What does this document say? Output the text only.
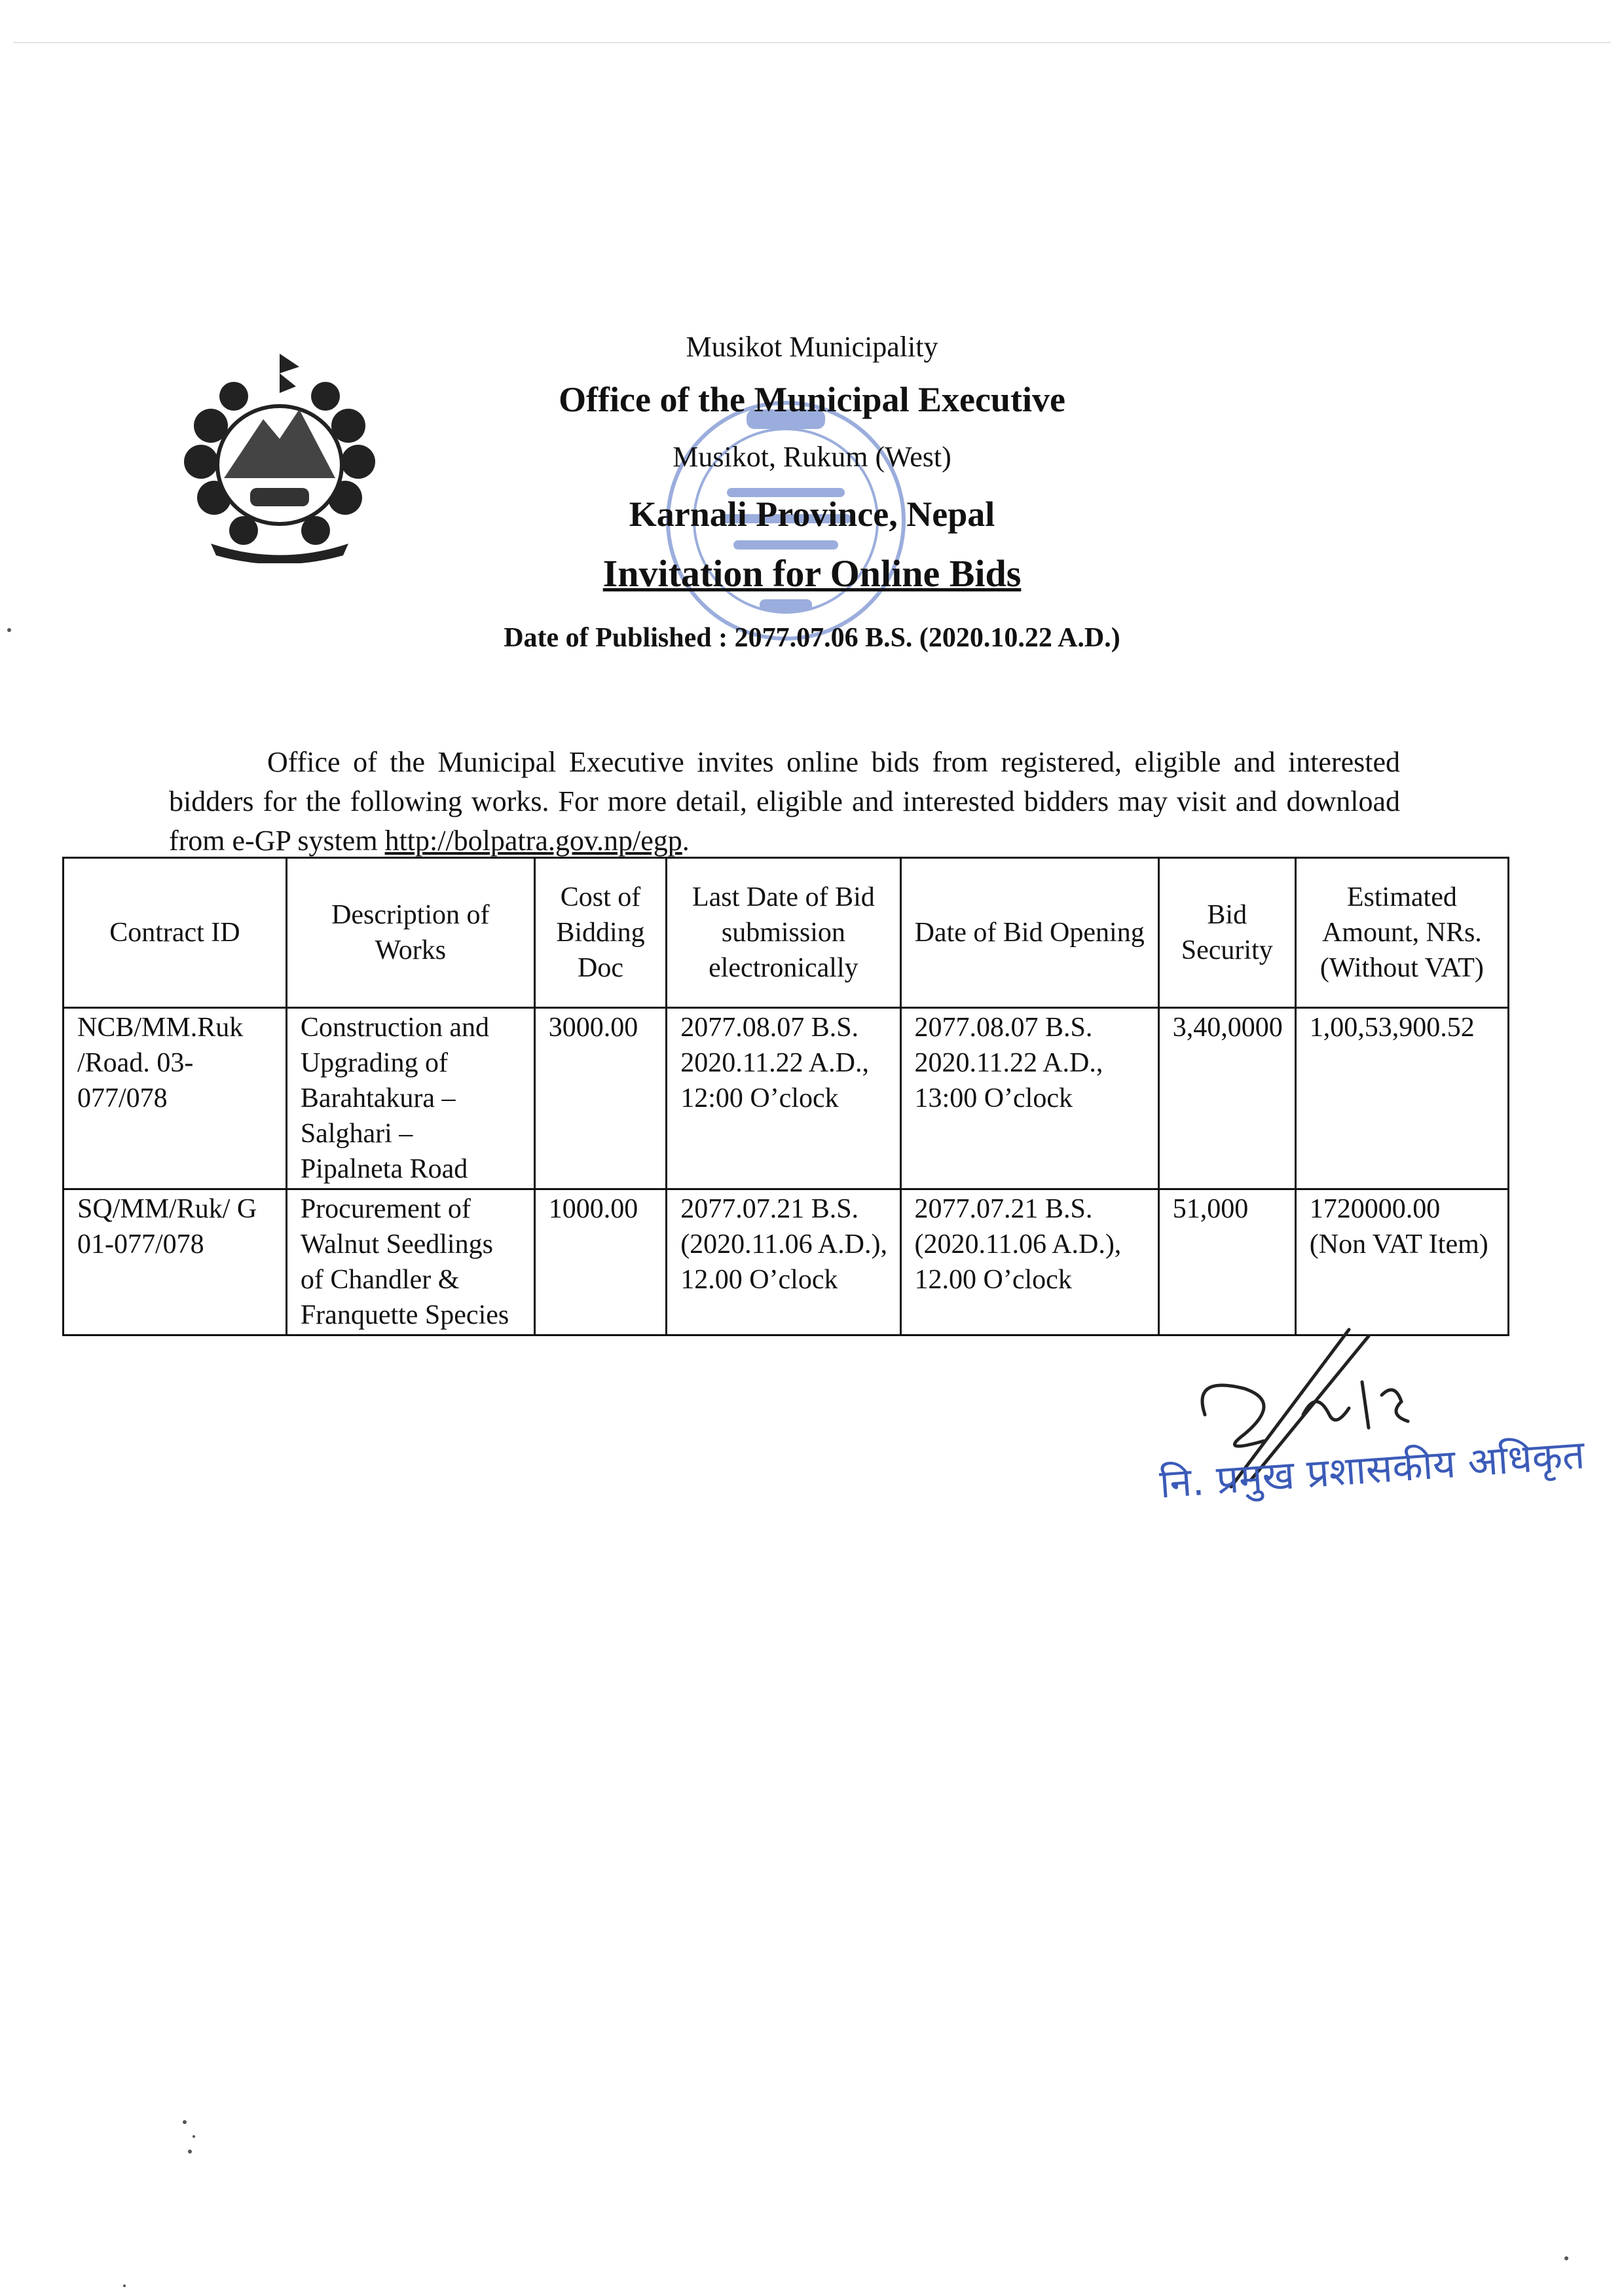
Musikot Municipality
Office of the Municipal Executive
Musikot, Rukum (West)
Karnali Province, Nepal
Invitation for Online Bids
Date of Published : 2077.07.06 B.S. (2020.10.22 A.D.)

Office of the Municipal Executive invites online bids from registered, eligible and interested bidders for the following works. For more detail, eligible and interested bidders may visit and download from e-GP system http://bolpatra.gov.np/egp.

Contract ID	Description of Works	Cost of Bidding Doc	Last Date of Bid submission electronically	Date of Bid Opening	Bid Security	Estimated Amount, NRs. (Without VAT)
NCB/MM.Ruk /Road. 03-077/078	Construction and Upgrading of Barahtakura – Salghari – Pipalneta Road	3000.00	2077.08.07 B.S. 2020.11.22 A.D., 12:00 O’clock	2077.08.07 B.S. 2020.11.22 A.D., 13:00 O’clock	3,40,0000	1,00,53,900.52
SQ/MM/Ruk/ G 01-077/078	Procurement of Walnut Seedlings of Chandler & Franquette Species	1000.00	2077.07.21 B.S. (2020.11.06 A.D.), 12.00 O’clock	2077.07.21 B.S. (2020.11.06 A.D.), 12.00 O’clock	51,000	1720000.00 (Non VAT Item)
नि. प्रमुख प्रशासकीय अधिकृत
